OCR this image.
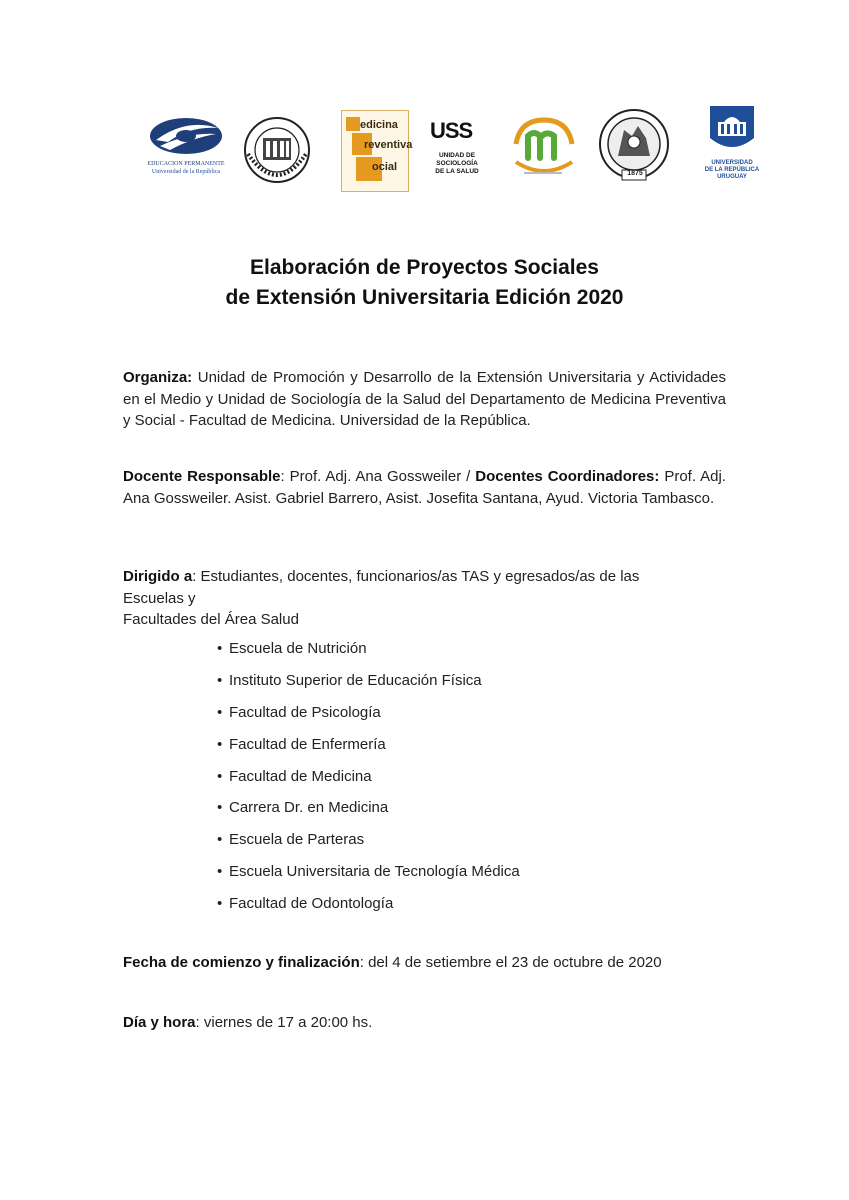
EDUCACION PERMANENTE
Universidad de la República
edicina
reventiva
ocial
USS
UNIDAD DE
SOCIOLOGÍA
DE LA SALUD	1875
UNIVERSIDAD
DE LA REPÚBLICA
URUGUAY
Elaboración de Proyectos Sociales
de Extensión Universitaria Edición 2020
Organiza: Unidad de Promoción y Desarrollo de la Extensión Universitaria y Actividades en el Medio y Unidad de Sociología de la Salud del Departamento de Medicina Preventiva y Social - Facultad de Medicina. Universidad de la República.
Docente Responsable: Prof. Adj. Ana Gossweiler / Docentes Coordinadores: Prof. Adj. Ana Gossweiler. Asist. Gabriel Barrero, Asist. Josefita Santana, Ayud. Victoria Tambasco.
Dirigido a: Estudiantes, docentes, funcionarios/as TAS y egresados/as de las
Escuelas y
Facultades del Área Salud
• Escuela de Nutrición
• Instituto Superior de Educación Física
• Facultad de Psicología
• Facultad de Enfermería
• Facultad de Medicina
• Carrera Dr. en Medicina
• Escuela de Parteras
• Escuela Universitaria de Tecnología Médica
• Facultad de Odontología
Fecha de comienzo y finalización: del 4 de setiembre el 23 de octubre de 2020
Día y hora: viernes de 17 a 20:00 hs.
